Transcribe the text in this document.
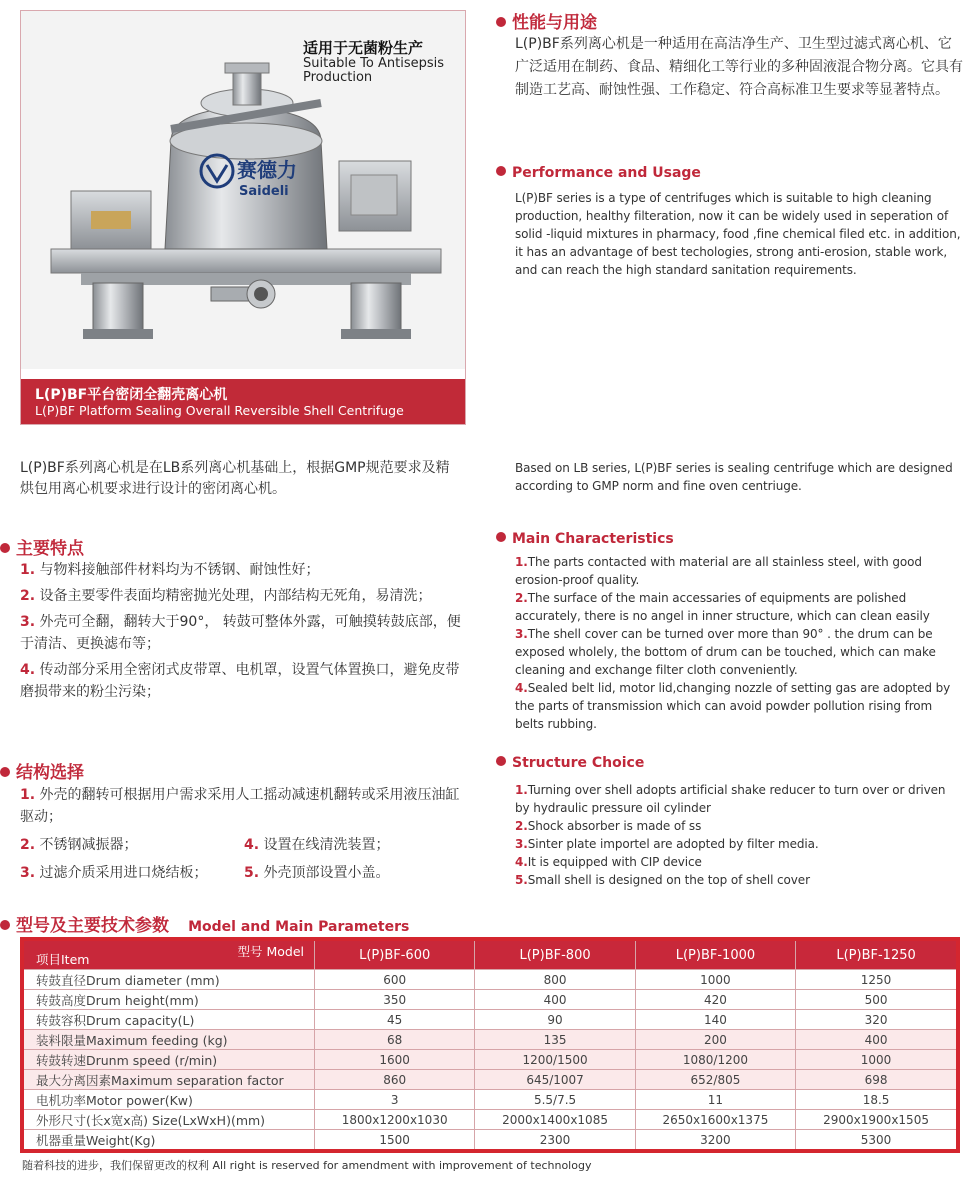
赛德力
Saideli
适用于无菌粉生产
Suitable To Antisepsis
Production
L(P)BF平台密闭全翻壳离心机
L(P)BF Platform Sealing Overall Reversible Shell Centrifuge
性能与用途
L(P)BF系列离心机是一种适用在高洁净生产、卫生型过滤式离心机、它广泛适用在制药、食品、精细化工等行业的多种固液混合物分离。它具有制造工艺高、耐蚀性强、工作稳定、符合高标准卫生要求等显著特点。
Performance and Usage
L(P)BF series is a type of centrifuges which is suitable to high cleaning production, healthy filteration, now it can be widely used in seperation of solid -liquid mixtures in pharmacy, food ,fine chemical filed etc. in addition, it has an advantage of best techologies, strong anti-erosion, stable work, and can reach the high standard sanitation requirements.
L(P)BF系列离心机是在LB系列离心机基础上，根据GMP规范要求及精烘包用离心机要求进行设计的密闭离心机。
Based on LB series, L(P)BF series is sealing centrifuge which are designed according to GMP norm and fine oven centriuge.
主要特点
1. 与物料接触部件材料均为不锈钢、耐蚀性好；
2. 设备主要零件表面均精密抛光处理，内部结构无死角，易清洗；
3. 外壳可全翻，翻转大于90°， 转鼓可整体外露，可触摸转鼓底部，便于清洁、更换滤布等；
4. 传动部分采用全密闭式皮带罩、电机罩，设置气体置换口，避免皮带磨损带来的粉尘污染；
Main Characteristics
1.The parts contacted with material are all stainless steel, with good erosion-proof quality.
2.The surface of the main accessaries of equipments are polished accurately, there is no angel in inner structure, which can clean easily
3.The shell cover can be turned over more than 90° . the drum can be exposed wholely, the bottom of drum can be touched, which can make cleaning and exchange filter cloth conveniently.
4.Sealed belt lid, motor lid,changing nozzle of setting gas are adopted by the parts of transmission which can avoid powder pollution rising from belts rubbing.
结构选择
1. 外壳的翻转可根据用户需求采用人工摇动减速机翻转或采用液压油缸驱动；
2. 不锈钢减振器；	4. 设置在线清洗装置；
3. 过滤介质采用进口烧结板；	5. 外壳顶部设置小盖。
Structure Choice
1.Turning over shell adopts artificial shake reducer to turn over or driven by hydraulic pressure oil cylinder
2.Shock absorber is made of ss
3.Sinter plate importel are adopted by filter media.
4.It is equipped with CIP device
5.Small shell is designed on the top of shell cover
型号及主要技术参数 Model and Main Parameters
型号 Model
项目Item	L(P)BF-600	L(P)BF-800	L(P)BF-1000	L(P)BF-1250
转鼓直径Drum diameter (mm)	600	800	1000	1250
转鼓高度Drum height(mm)	350	400	420	500
转鼓容积Drum capacity(L)	45	90	140	320
装料限量Maximum feeding (kg)	68	135	200	400
转鼓转速Drunm speed (r/min)	1600	1200/1500	1080/1200	1000
最大分离因素Maximum separation factor	860	645/1007	652/805	698
电机功率Motor power(Kw)	3	5.5/7.5	11	18.5
外形尺寸(长x宽x高) Size(LxWxH)(mm)	1800x1200x1030	2000x1400x1085	2650x1600x1375	2900x1900x1505
机器重量Weight(Kg)	1500	2300	3200	5300
随着科技的进步，我们保留更改的权利 All right is reserved for amendment with improvement of technology
